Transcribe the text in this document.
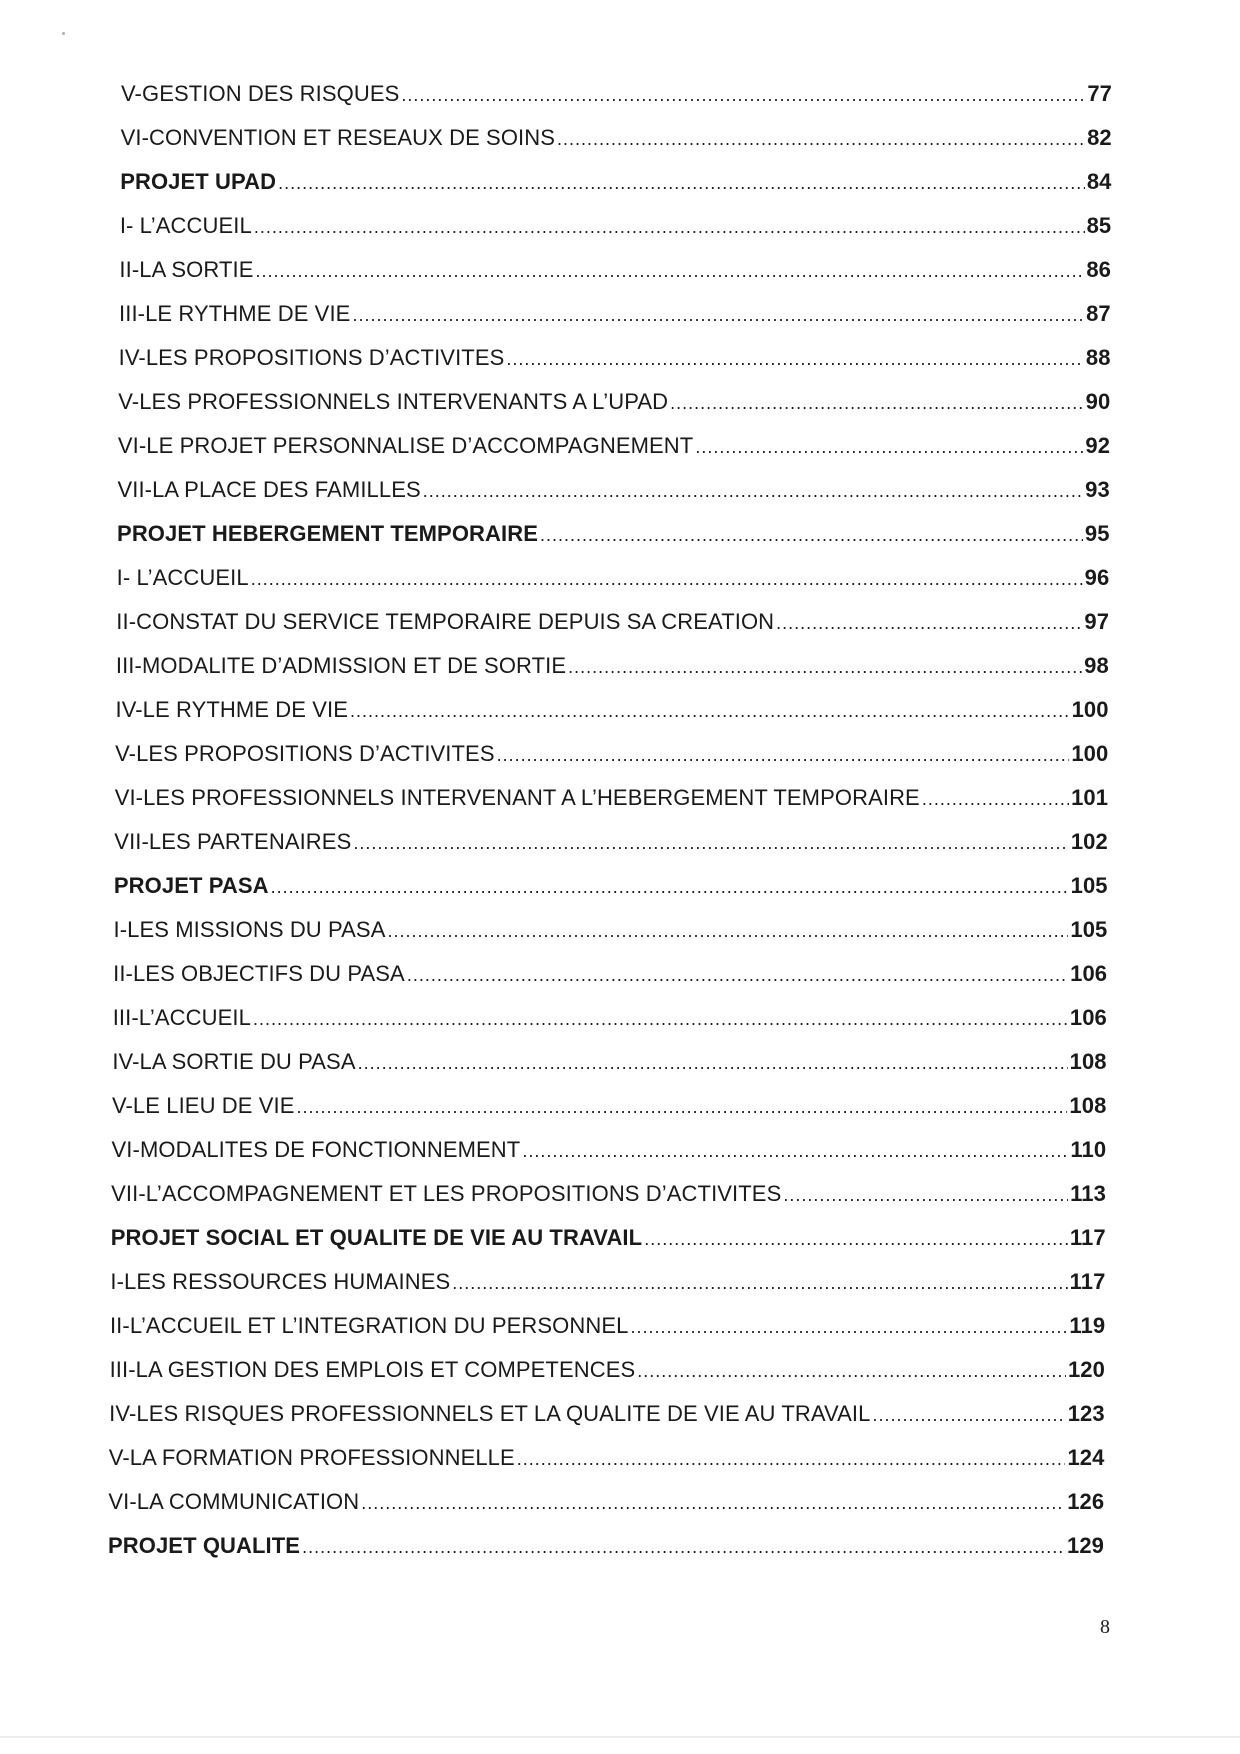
V-GESTION DES RISQUES .....	77
VI-CONVENTION ET RESEAUX DE SOINS .....	82
PROJET UPAD .....	84
I- L’ACCUEIL .....	85
II-LA SORTIE .....	86
III-LE RYTHME DE VIE .....	87
IV-LES PROPOSITIONS D’ACTIVITES .....	88
V-LES PROFESSIONNELS INTERVENANTS A L’UPAD .....	90
VI-LE PROJET PERSONNALISE D’ACCOMPAGNEMENT .....	92
VII-LA PLACE DES FAMILLES .....	93
PROJET HEBERGEMENT TEMPORAIRE .....	95
I- L’ACCUEIL .....	96
II-CONSTAT DU SERVICE TEMPORAIRE DEPUIS SA CREATION .....	97
III-MODALITE D’ADMISSION ET DE SORTIE .....	98
IV-LE RYTHME DE VIE .....	100
V-LES PROPOSITIONS D’ACTIVITES .....	100
VI-LES PROFESSIONNELS INTERVENANT A L’HEBERGEMENT TEMPORAIRE .....	101
VII-LES PARTENAIRES .....	102
PROJET PASA .....	105
I-LES MISSIONS DU PASA .....	105
II-LES OBJECTIFS DU PASA .....	106
III-L’ACCUEIL .....	106
IV-LA SORTIE DU PASA .....	108
V-LE LIEU DE VIE .....	108
VI-MODALITES DE FONCTIONNEMENT .....	110
VII-L’ACCOMPAGNEMENT ET LES PROPOSITIONS D’ACTIVITES .....	113
PROJET SOCIAL ET QUALITE DE VIE AU TRAVAIL .....	117
I-LES RESSOURCES HUMAINES .....	117
II-L’ACCUEIL ET L’INTEGRATION DU PERSONNEL .....	119
III-LA GESTION DES EMPLOIS ET COMPETENCES .....	120
IV-LES RISQUES PROFESSIONNELS ET LA QUALITE DE VIE AU TRAVAIL .....	123
V-LA FORMATION PROFESSIONNELLE .....	124
VI-LA COMMUNICATION .....	126
PROJET QUALITE .....	129
8
